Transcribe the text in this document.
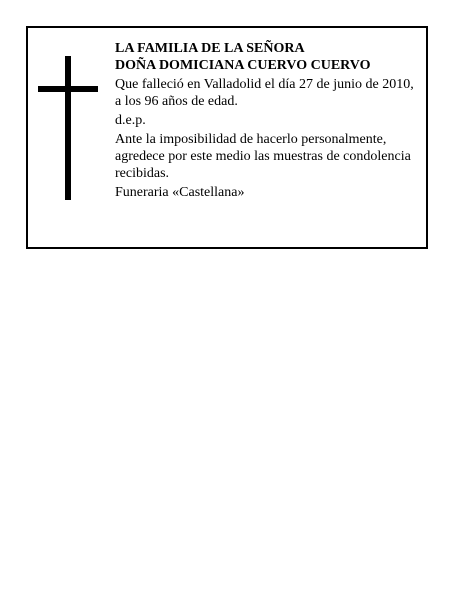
LA FAMILIA DE LA SEÑORA

DOÑA DOMICIANA CUERVO CUERVO

Que falleció en Valladolid el día 27 de junio de 2010, a los 96 años de edad.

d.e.p.

Ante la imposibilidad de hacerlo personalmente, agredece por este medio las muestras de condolencia recibidas.

Funeraria «Castellana»
